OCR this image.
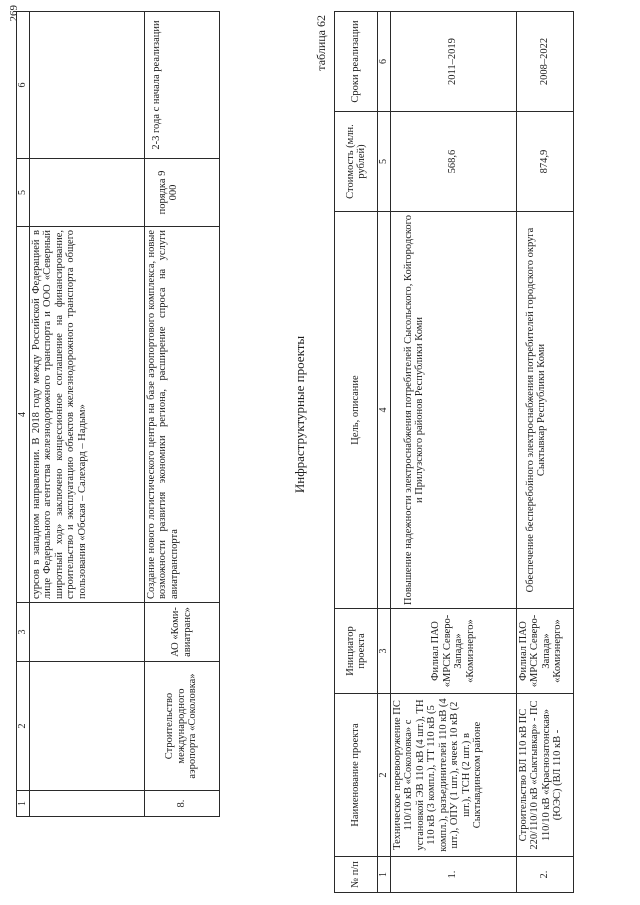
269
1	2	3	4	5	6
			сурсов в западном направлении. В 2018 году между Российской Федерацией в лице Федерального агентства железнодорожного транспорта и ООО «Северный широтный ход» заключено концессионное соглашение на финансирование, строительство и эксплуатацию объектов железнодорожного транспорта общего пользования «Обская – Салехард – Надым»		
8.	Строительство международного аэропорта «Соколовка»	АО «Коми-авиатранс»	Создание нового логистического центра на базе аэропортового комплекса, новые возможности развития экономики региона, расширение спроса на услуги авиатранспорта	порядка 9 000	2-3 года с начала реализации
Инфраструктурные проекты
таблица 62
№ п/п	Наименование проекта	Инициатор проекта	Цель, описание	Стоимость (млн. рублей)	Сроки реализации
1	2	3	4	5	6
1.	Техническое перевооружение ПС 110/10 кВ «Соколовка» с установкой ЭВ 110 кВ (4 шт.), ТН 110 кВ (3 компл.), ТТ 110 кВ (5 компл.), разъединителей 110 кВ (4 шт.), ОПУ (1 шт.), ячеек 10 кВ (2 шт.), ТСН (2 шт.) в Сыктывдинском районе	Филиал ПАО «МРСК Северо-Запада» «Комиэнерго»	Повышение надежности электроснабжения потребителей Сысольского, Койгородского и Прилузского районов Республики Коми	568,6	2011–2019
2.	Строительство ВЛ 110 кВ ПС 220/110/10 кВ «Сыктывкар» - ПС 110/10 кВ «Краснозатонская» (ЮЭС) (ВЛ 110 кВ -	Филиал ПАО «МРСК Северо-Запада» «Комиэнерго»	Обеспечение бесперебойного электроснабжения потребителей городского округа Сыктывкар Республики Коми	874,9	2008–2022
